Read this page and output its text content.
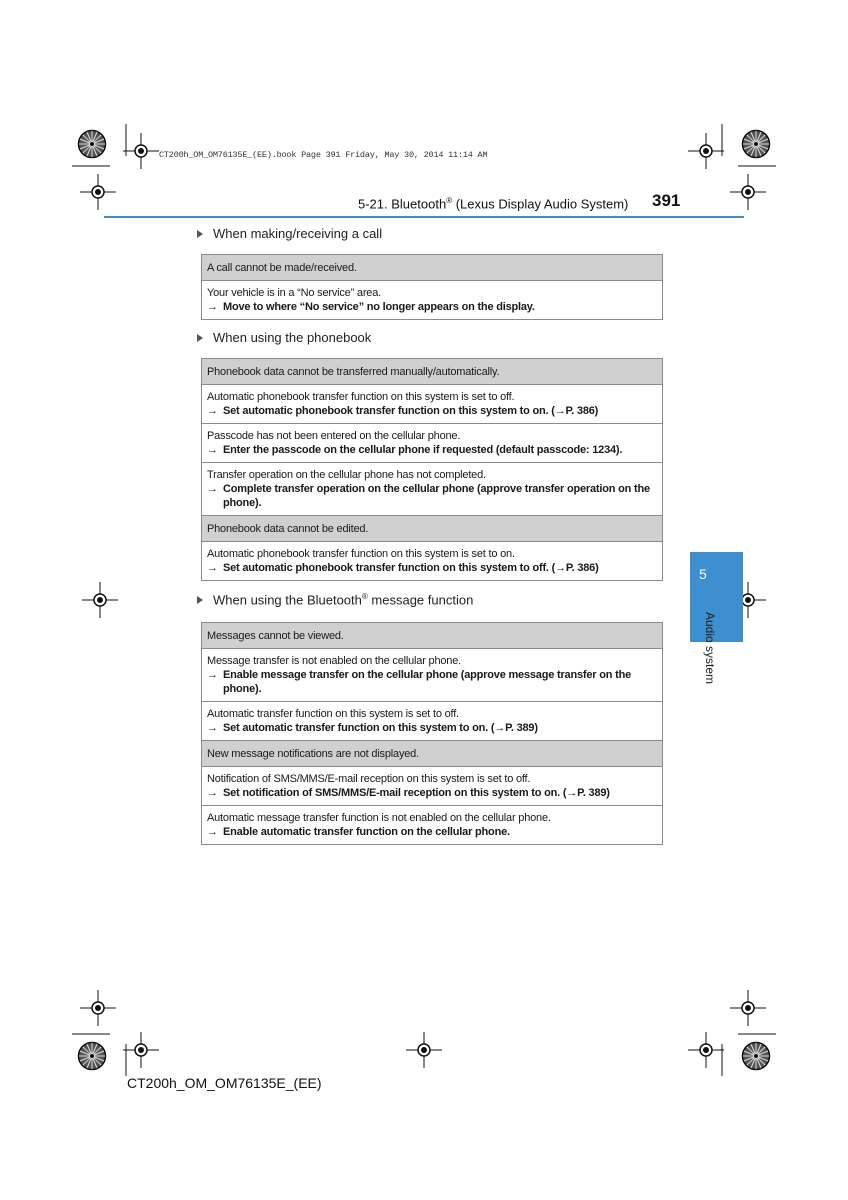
CT200h_OM_OM76135E_(EE).book Page 391 Friday, May 30, 2014 11:14 AM
5-21. Bluetooth® (Lexus Display Audio System) 391
When making/receiving a call
A call cannot be made/received.

Your vehicle is in a “No service” area.
→ Move to where “No service” no longer appears on the display.
When using the phonebook
Phonebook data cannot be transferred manually/automatically.

Automatic phonebook transfer function on this system is set to off.
→ Set automatic phonebook transfer function on this system to on. (→P. 386)

Passcode has not been entered on the cellular phone.
→ Enter the passcode on the cellular phone if requested (default passcode: 1234).

Transfer operation on the cellular phone has not completed.
→ Complete transfer operation on the cellular phone (approve transfer operation on the phone).

Phonebook data cannot be edited.

Automatic phonebook transfer function on this system is set to on.
→ Set automatic phonebook transfer function on this system to off. (→P. 386)
When using the Bluetooth® message function
Messages cannot be viewed.

Message transfer is not enabled on the cellular phone.
→ Enable message transfer on the cellular phone (approve message transfer on the phone).

Automatic transfer function on this system is set to off.
→ Set automatic transfer function on this system to on. (→P. 389)

New message notifications are not displayed.

Notification of SMS/MMS/E-mail reception on this system is set to off.
→ Set notification of SMS/MMS/E-mail reception on this system to on. (→P. 389)

Automatic message transfer function is not enabled on the cellular phone.
→ Enable automatic transfer function on the cellular phone.
5
Audio system
CT200h_OM_OM76135E_(EE)
